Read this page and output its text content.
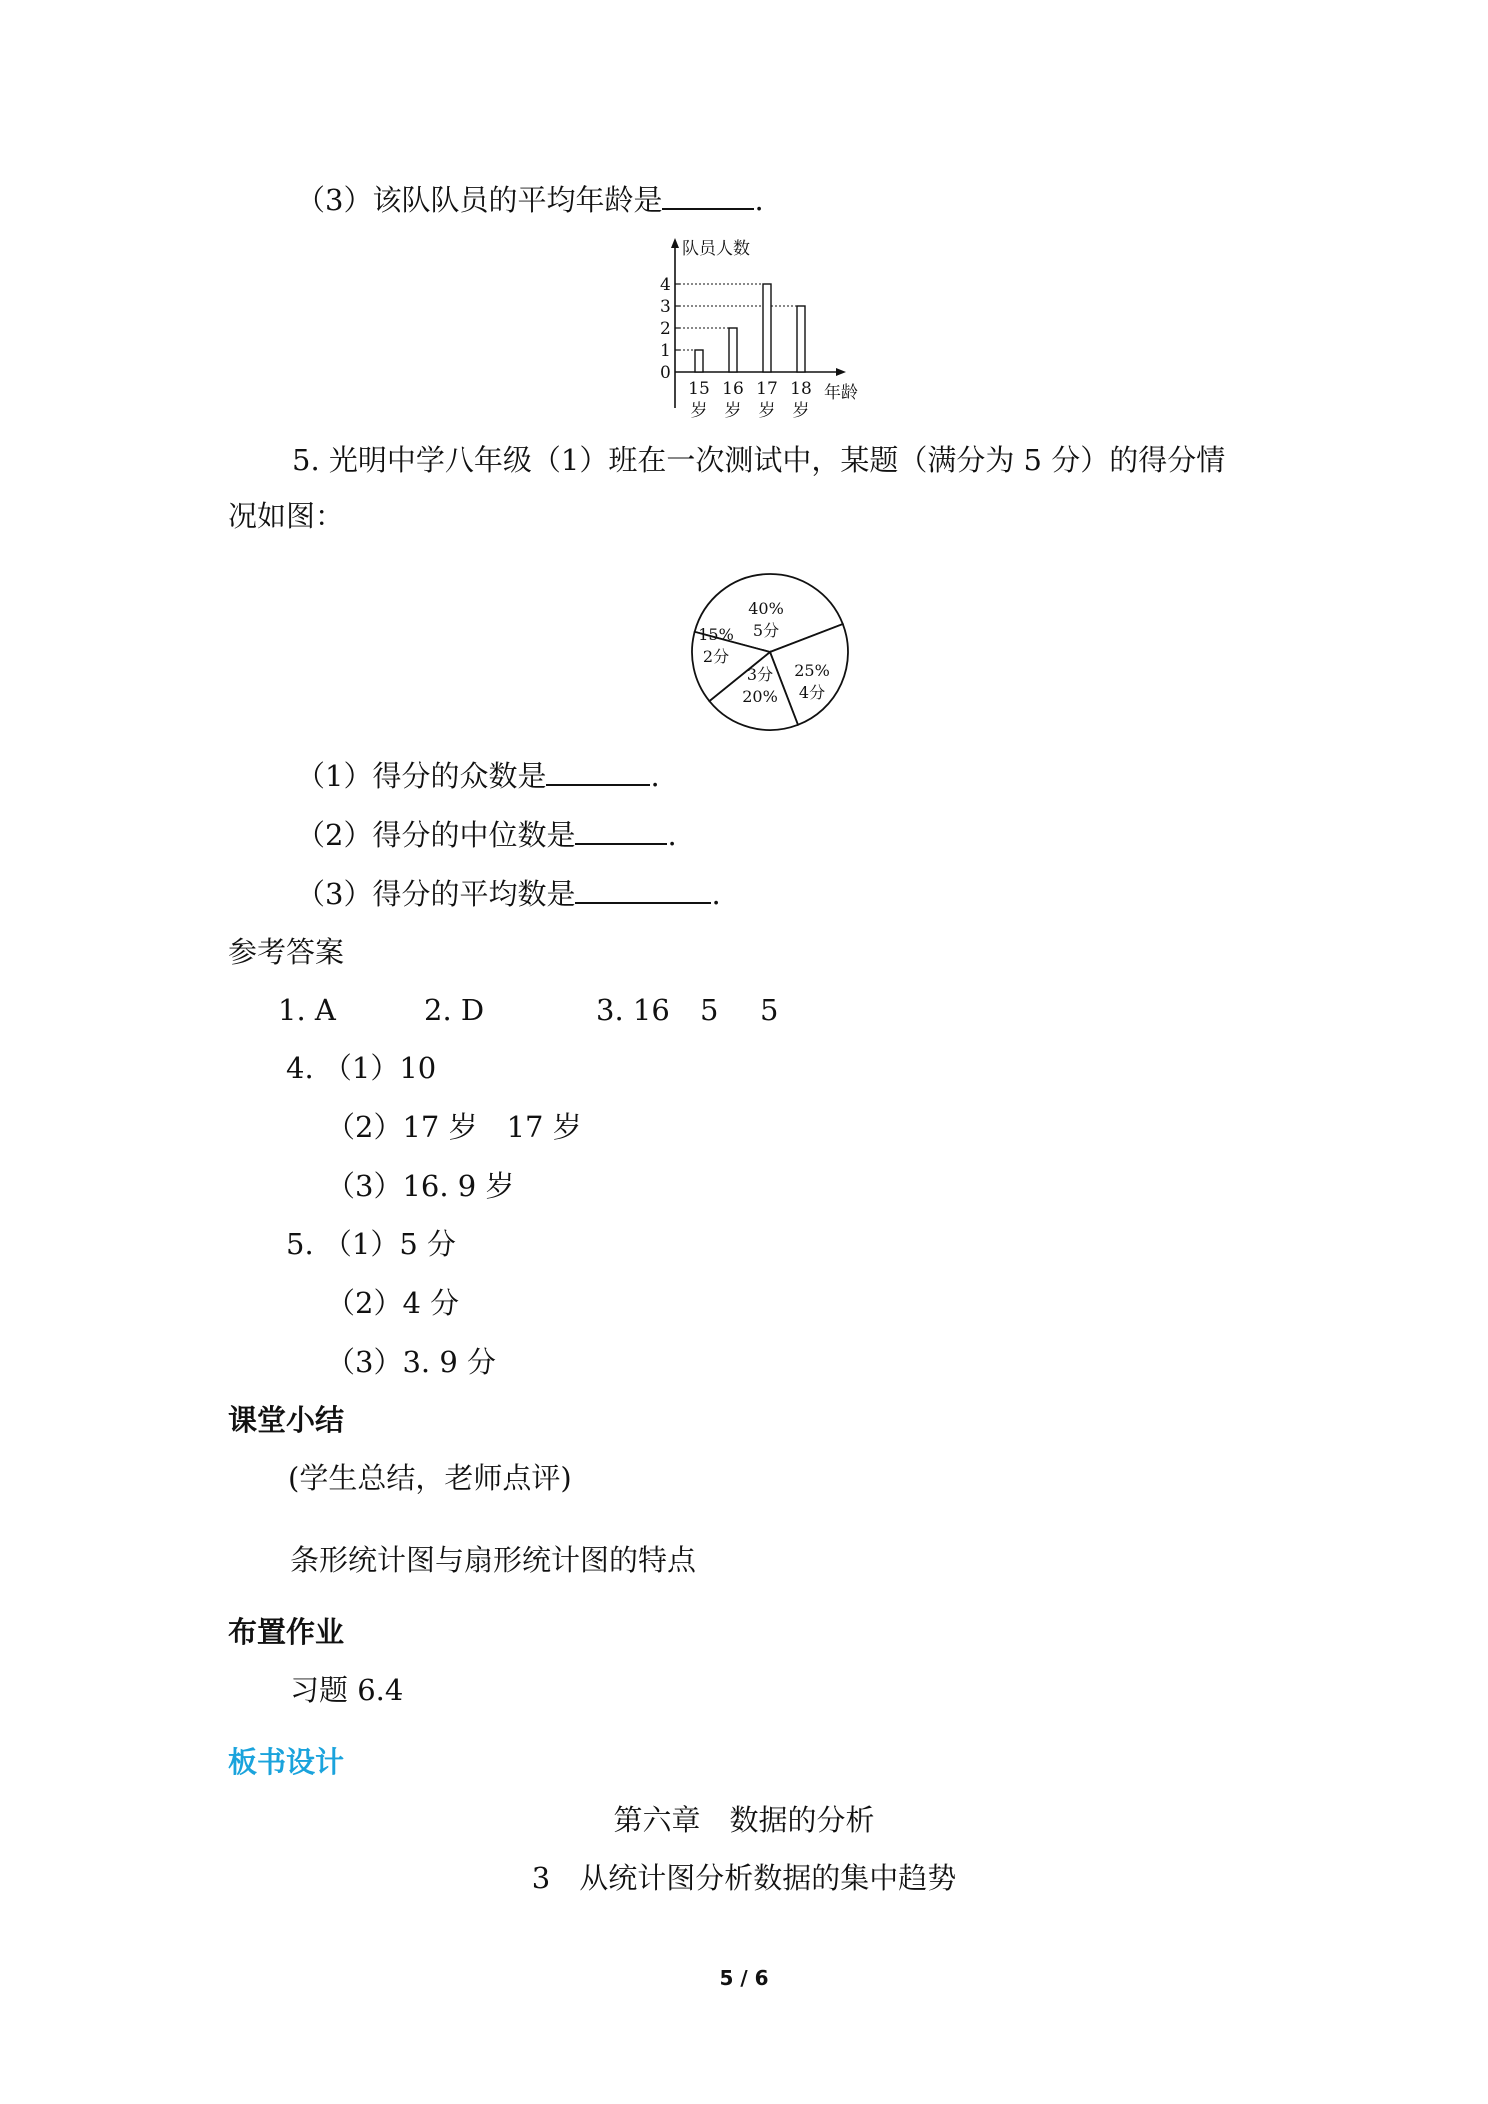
（3）该队队员的平均年龄是	.
队员人数
年龄
0
1
2
3
4
15
岁
16
岁
17
岁
18
岁
5. 光明中学八年级（1）班在一次测试中，某题（满分为 5 分）的得分情
况如图：
40%
5分
25%
4分
3分
20%
15%
2分
（1）得分的众数是	.
（2）得分的中位数是	.
（3）得分的平均数是	.
参考答案
1. A	2. D	3. 16 5 5
4. （1）10
（2）17 岁　17 岁
（3）16. 9 岁
5. （1）5 分
（2）4 分
（3）3. 9 分
课堂小结
(学生总结，老师点评)
条形统计图与扇形统计图的特点
布置作业
习题 6.4
板书设计
第六章　数据的分析
3　从统计图分析数据的集中趋势
5 / 6
